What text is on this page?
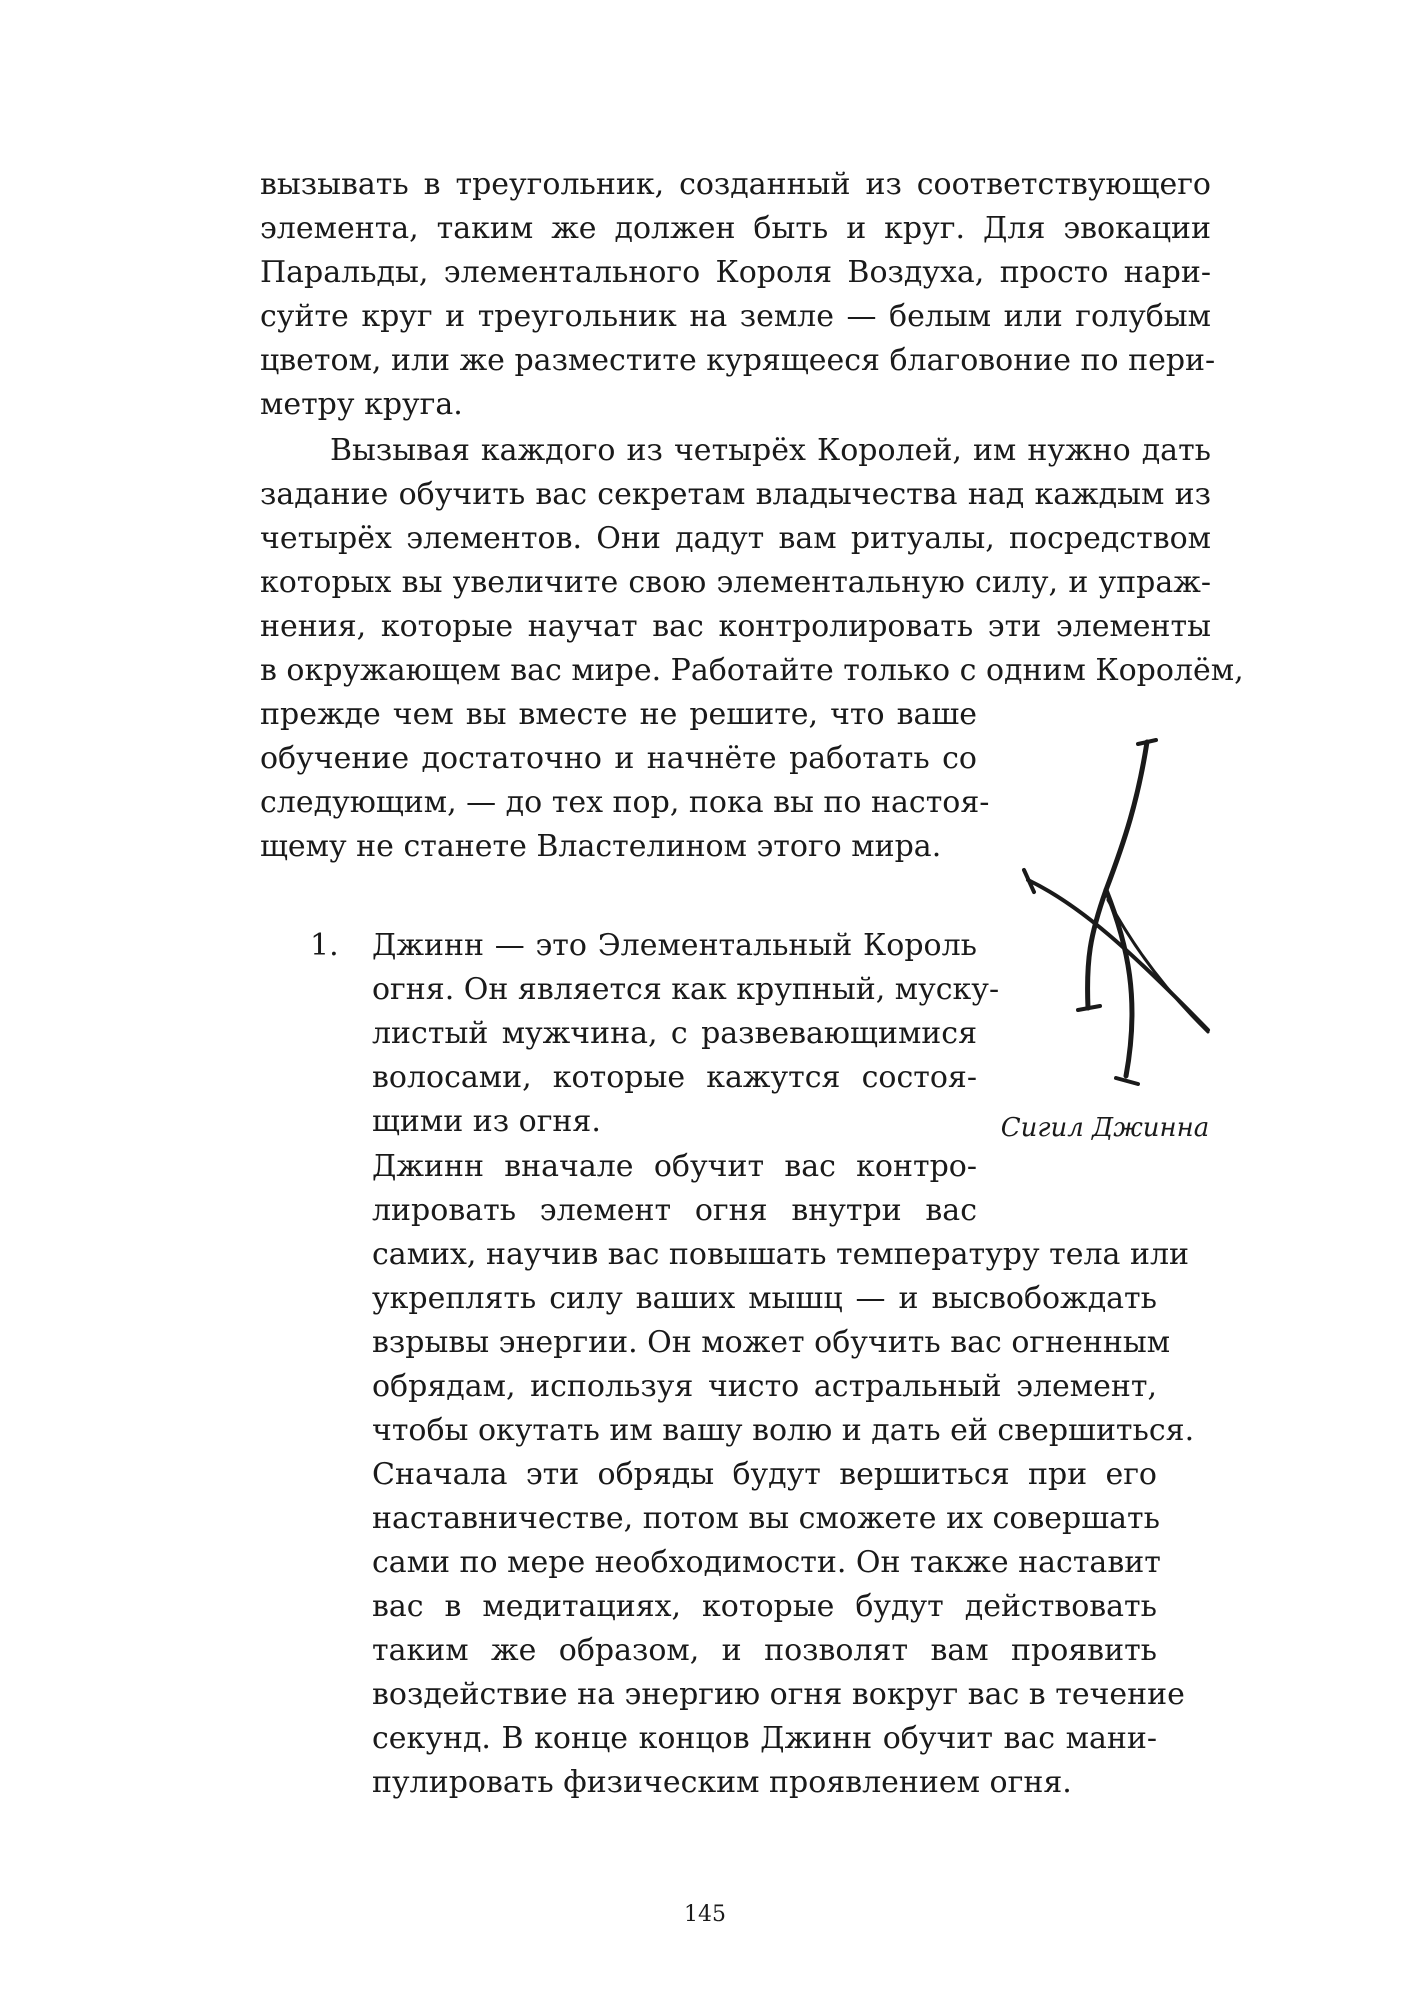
вызывать в треугольник, созданный из соответствующего

элемента, таким же должен быть и круг. Для эвокации

Паральды, элементального Короля Воздуха, просто нари-

суйте круг и треугольник на земле — белым или голубым

цветом, или же разместите курящееся благовоние по пери-

метру круга.

Вызывая каждого из четырёх Королей, им нужно дать

задание обучить вас секретам владычества над каждым из

четырёх элементов. Они дадут вам ритуалы, посредством

которых вы увеличите свою элементальную силу, и упраж-

нения, которые научат вас контролировать эти элементы

в окружающем вас мире. Работайте только с одним Королём,

прежде чем вы вместе не решите, что ваше

обучение достаточно и начнёте работать со

следующим, — до тех пор, пока вы по настоя-

щему не станете Властелином этого мира.

1. Джинн — это Элементальный Король

огня. Он является как крупный, муску-

листый мужчина, с развевающимися

волосами, которые кажутся состоя-

щими из огня.

Джинн вначале обучит вас контро-

лировать элемент огня внутри вас

самих, научив вас повышать температуру тела или

укреплять силу ваших мышц — и высвобождать

взрывы энергии. Он может обучить вас огненным

обрядам, используя чисто астральный элемент,

чтобы окутать им вашу волю и дать ей свершиться.

Сначала эти обряды будут вершиться при его

наставничестве, потом вы сможете их совершать

сами по мере необходимости. Он также наставит

вас в медитациях, которые будут действовать

таким же образом, и позволят вам проявить

воздействие на энергию огня вокруг вас в течение

секунд. В конце концов Джинн обучит вас мани-

пулировать физическим проявлением огня.

Сигил Джинна
145
